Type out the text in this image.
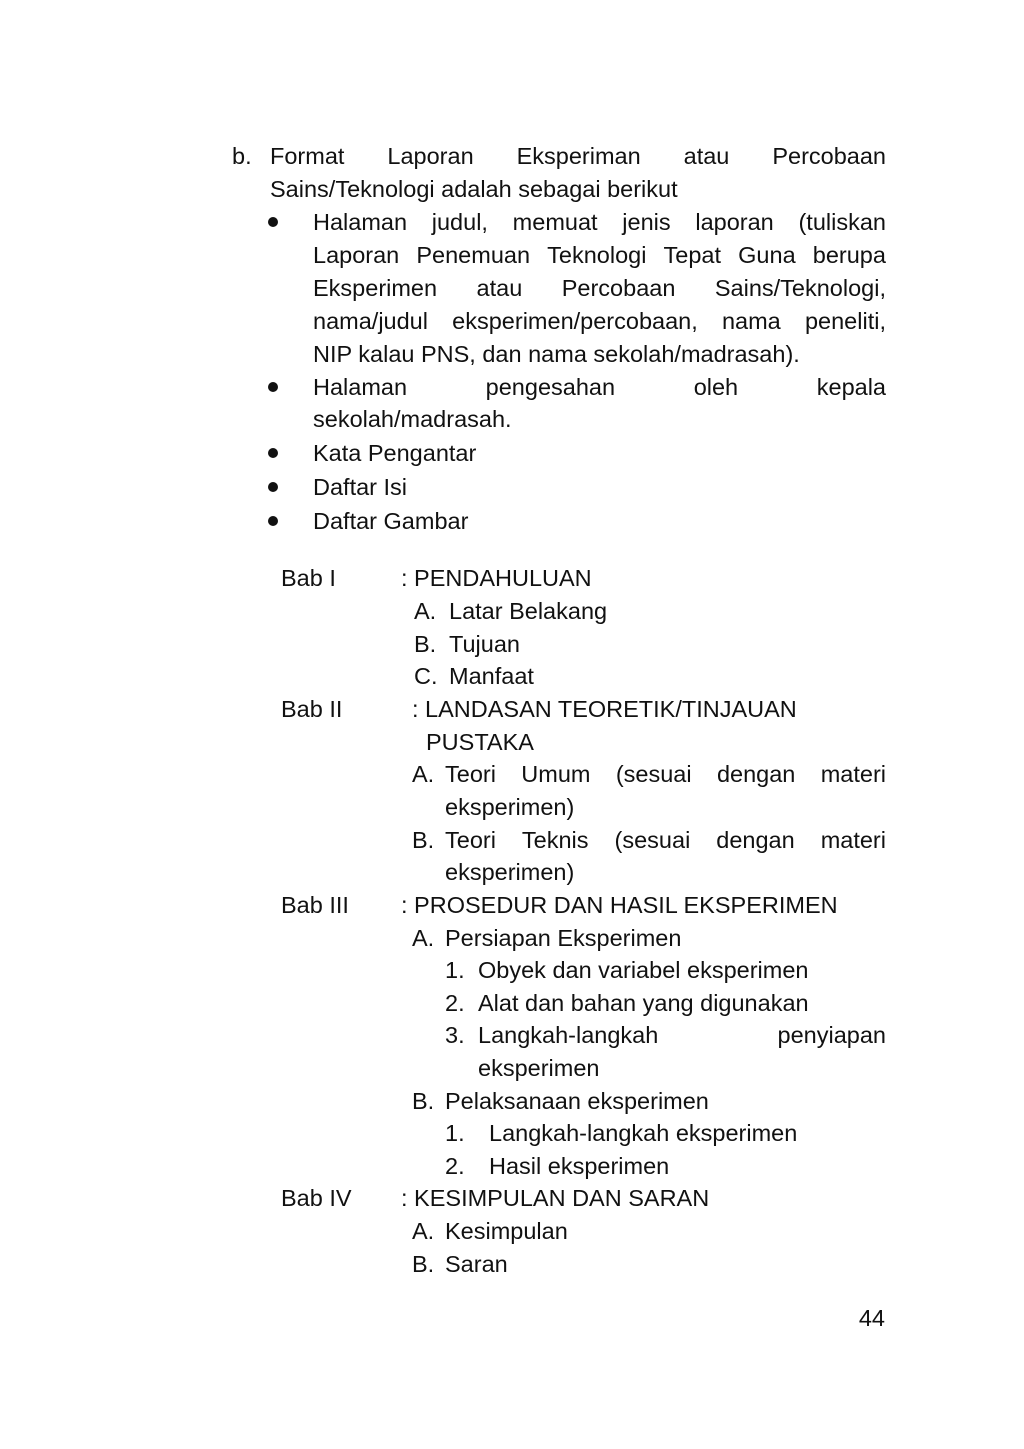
b. Format Laporan Eksperiman atau Percobaan
Sains/Teknologi adalah sebagai berikut
Halaman judul, memuat jenis laporan (tuliskan
Laporan Penemuan Teknologi Tepat Guna berupa
Eksperimen atau Percobaan Sains/Teknologi,
nama/judul eksperimen/percobaan, nama peneliti,
NIP kalau PNS, dan nama sekolah/madrasah).
Halaman	pengesahan	oleh	kepala
sekolah/madrasah.
Kata Pengantar
Daftar Isi
Daftar Gambar
Bab I	: PENDAHULUAN
A. Latar Belakang
B. Tujuan
C. Manfaat
Bab II	: LANDASAN TEORETIK/TINJAUAN
PUSTAKA
A. Teori Umum (sesuai dengan materi
eksperimen)
B. Teori Teknis (sesuai dengan materi
eksperimen)
Bab III : PROSEDUR DAN HASIL EKSPERIMEN
A. Persiapan Eksperimen
1. Obyek dan variabel eksperimen
2. Alat dan bahan yang digunakan
3. Langkah-langkah	penyiapan
eksperimen
B. Pelaksanaan eksperimen
1. Langkah-langkah eksperimen
2. Hasil eksperimen
Bab IV : KESIMPULAN DAN SARAN
A. Kesimpulan
B. Saran
44
